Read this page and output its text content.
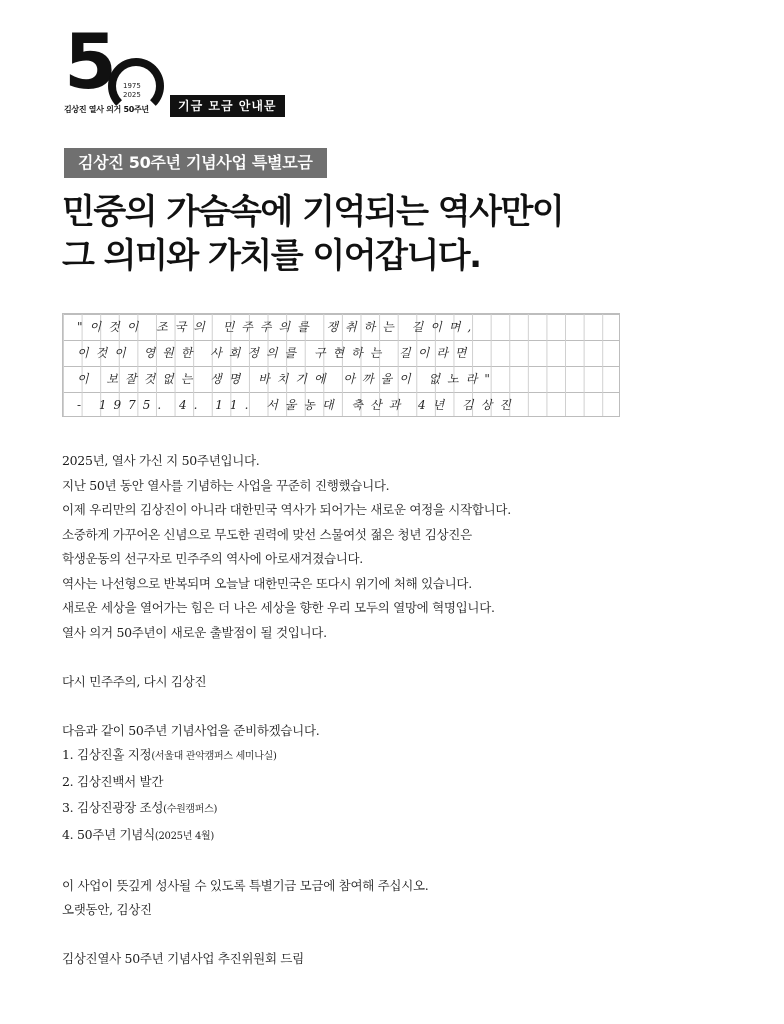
5 1975
2025
김상진 열사 의거 50주년	기금 모금 안내문
김상진 50주년 기념사업 특별모금
민중의 가슴속에 기억되는 역사만이
그 의미와 가치를 이어갑니다.
"이것이 조국의 민주주의를 쟁취하는 길이며,
이것이 영원한 사회정의를 구현하는 길이라면
이 보잘것없는 생명 바치기에 아까울이 없노라"
- 1975. 4. 11. 서울농대 축산과 4년 김상진

2025년, 열사 가신 지 50주년입니다.

지난 50년 동안 열사를 기념하는 사업을 꾸준히 진행했습니다.

이제 우리만의 김상진이 아니라 대한민국 역사가 되어가는 새로운 여정을 시작합니다.

소중하게 가꾸어온 신념으로 무도한 권력에 맞선 스물여섯 젊은 청년 김상진은

학생운동의 선구자로 민주주의 역사에 아로새겨졌습니다.

역사는 나선형으로 반복되며 오늘날 대한민국은 또다시 위기에 처해 있습니다.

새로운 세상을 열어가는 힘은 더 나은 세상을 향한 우리 모두의 열망에 혁명입니다.

열사 의거 50주년이 새로운 출발점이 될 것입니다.

다시 민주주의, 다시 김상진

다음과 같이 50주년 기념사업을 준비하겠습니다.

1. 김상진홀 지정(서울대 관악캠퍼스 세미나실)

2. 김상진백서 발간

3. 김상진광장 조성(수원캠퍼스)

4. 50주년 기념식(2025년 4월)

이 사업이 뜻깊게 성사될 수 있도록 특별기금 모금에 참여해 주십시오.

오랫동안, 김상진

김상진열사 50주년 기념사업 추진위원회 드림
